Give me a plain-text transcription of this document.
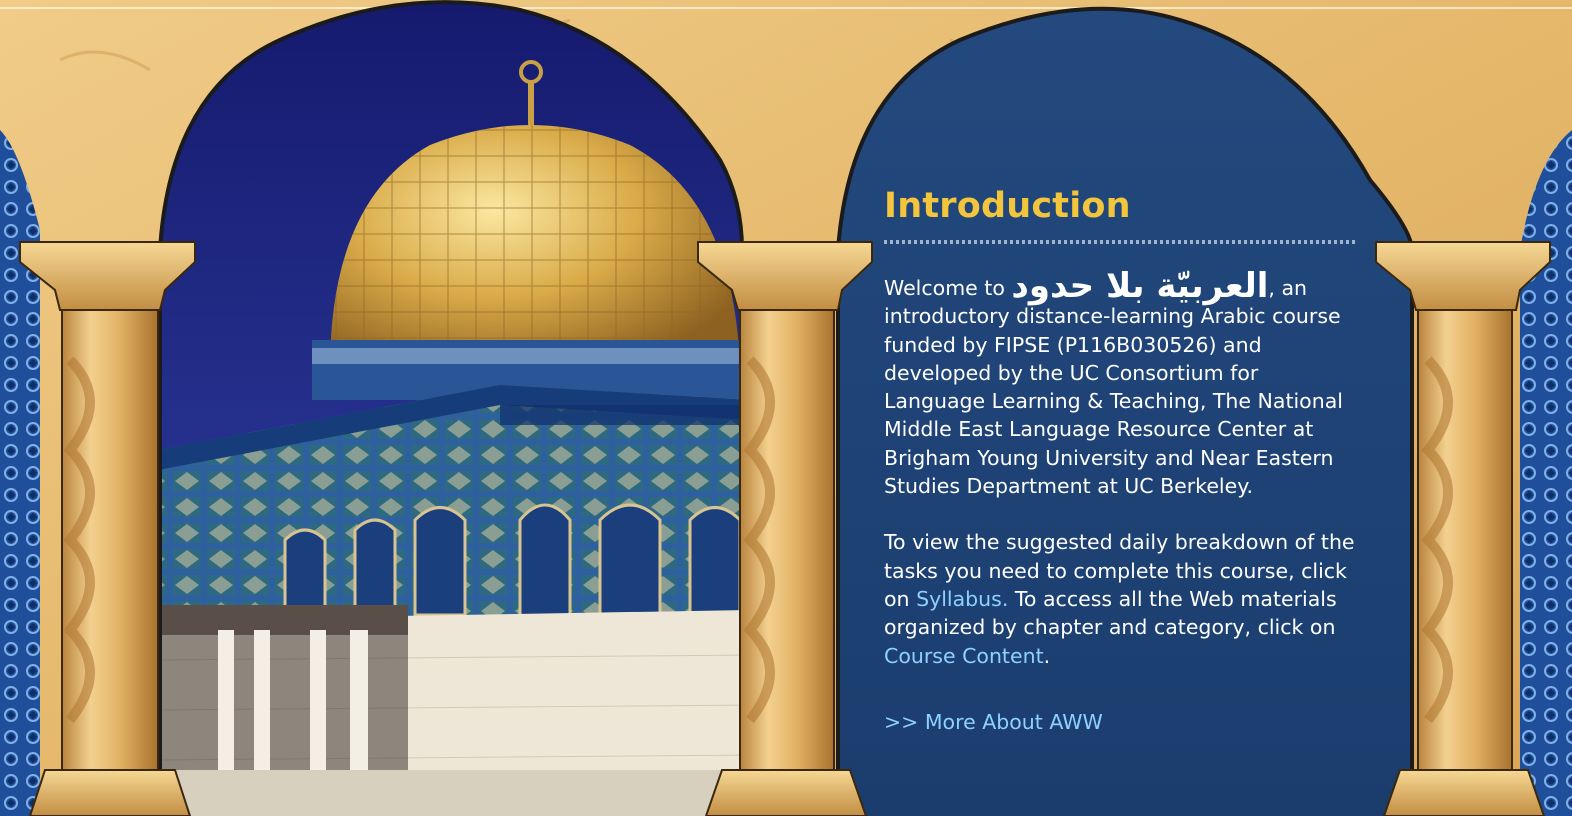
Introduction

Welcome to العربيّة بلا حدود, an introductory distance-learning Arabic course funded by FIPSE (P116B030526) and developed by the UC Consortium for Language Learning & Teaching, The National Middle East Language Resource Center at Brigham Young University and Near Eastern Studies Department at UC Berkeley.

To view the suggested daily breakdown of the tasks you need to complete this course, click on Syllabus. To access all the Web materials organized by chapter and category, click on Course Content.

>> More About AWW
